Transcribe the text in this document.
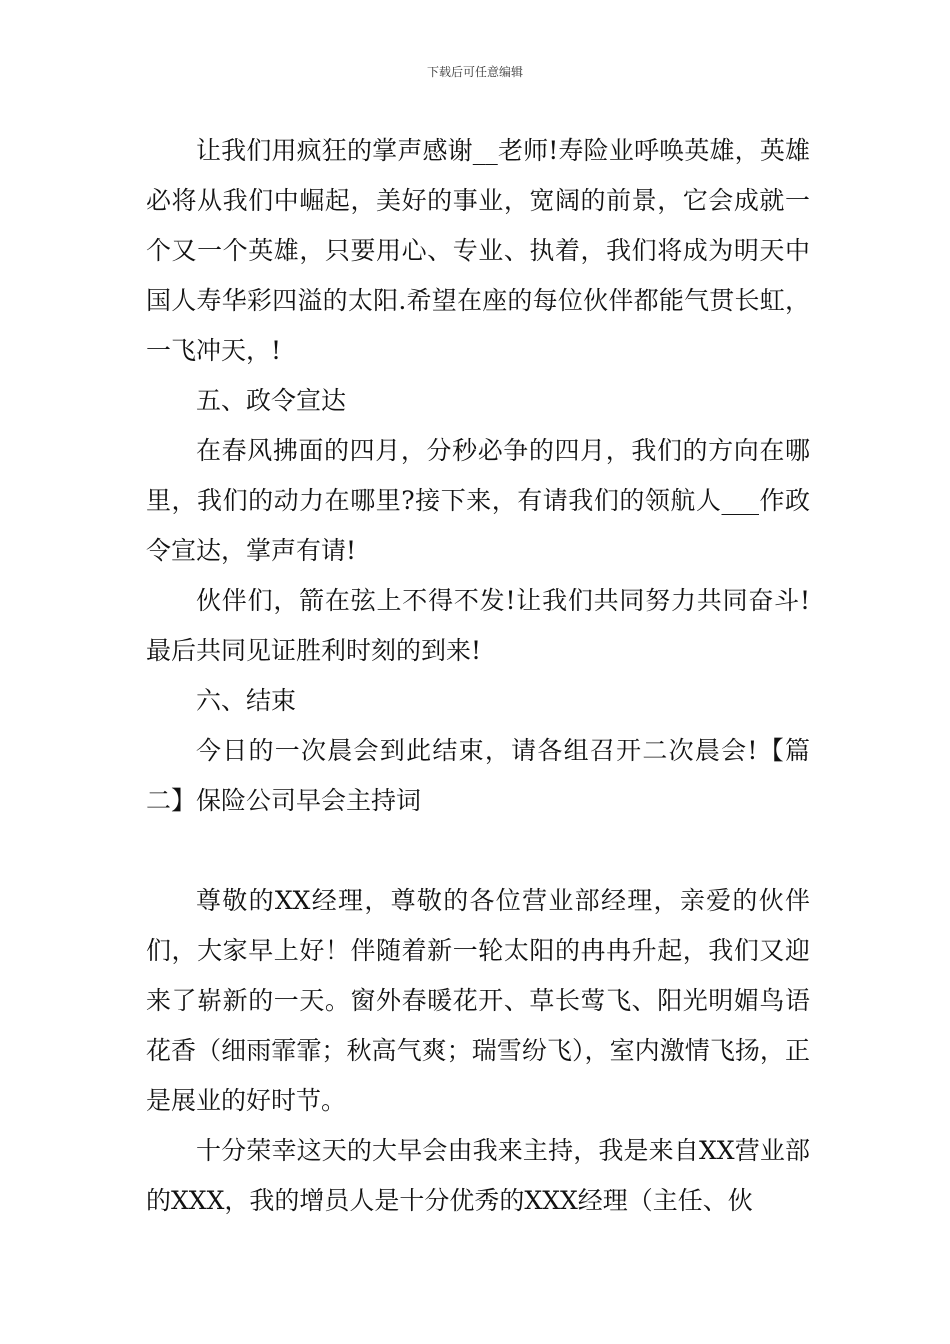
下载后可任意编辑

让我们用疯狂的掌声感谢__老师!寿险业呼唤英雄，英雄必将从我们中崛起，美好的事业，宽阔的前景，它会成就一个又一个英雄，只要用心、专业、执着，我们将成为明天中国人寿华彩四溢的太阳.希望在座的每位伙伴都能气贯长虹，一飞冲天，!

五、政令宣达

在春风拂面的四月，分秒必争的四月，我们的方向在哪里，我们的动力在哪里?接下来，有请我们的领航人___作政令宣达，掌声有请!

伙伴们，箭在弦上不得不发!让我们共同努力共同奋斗!最后共同见证胜利时刻的到来!

六、结束

今日的一次晨会到此结束，请各组召开二次晨会!【篇二】保险公司早会主持词

尊敬的XX经理，尊敬的各位营业部经理，亲爱的伙伴们，大家早上好！伴随着新一轮太阳的冉冉升起，我们又迎来了崭新的一天。窗外春暖花开、草长莺飞、阳光明媚鸟语花香（细雨霏霏；秋高气爽；瑞雪纷飞），室内激情飞扬，正是展业的好时节。

十分荣幸这天的大早会由我来主持，我是来自XX营业部的XXX，我的增员人是十分优秀的XXX经理（主任、伙
